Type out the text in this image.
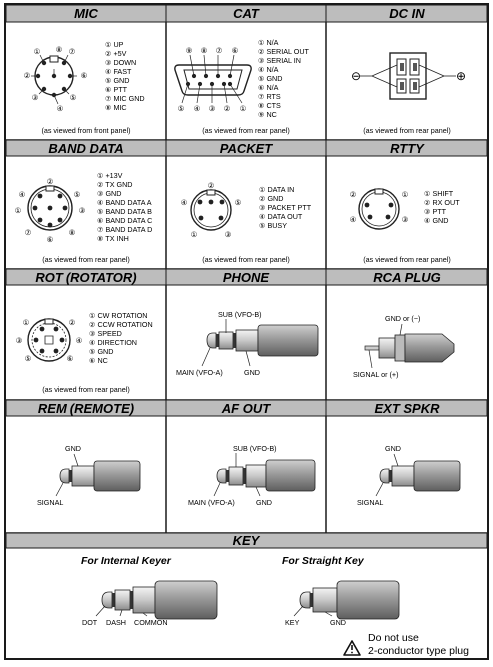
MIC	CAT	DC IN
BAND DATA	PACKET	RTTY
ROT (ROTATOR)	PHONE	RCA PLUG
REM (REMOTE)	AF OUT	EXT SPKR
KEY
① ⑧ ⑦
②	⑥
③	⑤
④
① UP
② +5V
③ DOWN
④ FAST
⑤ GND
⑥ PTT
⑦ MIC GND
⑧ MIC
(as viewed from front panel)
⑨ ⑧ ⑦ ⑥
⑤ ④ ③ ② ①
① N/A
② SERIAL OUT
③ SERIAL IN
④ N/A
⑤ GND
⑥ N/A
⑦ RTS
⑧ CTS
⑨ NC
(as viewed from rear panel)
⊖	⊕
(as viewed from rear panel)
②
④	⑤
①	③
⑦	⑧
⑥
① +13V
② TX GND
③ GND
④ BAND DATA A
⑤ BAND DATA B
⑥ BAND DATA C
⑦ BAND DATA D
⑧ TX INH
(as viewed from rear panel)
②
④	⑤
①	③
① DATA IN
② GND
③ PACKET PTT
④ DATA OUT
⑤ BUSY
(as viewed from rear panel)
②	①
④	③
① SHIFT
② RX OUT
③ PTT
④ GND
(as viewed from rear panel)
①	②
③	④
⑤	⑥
① CW ROTATION
② CCW ROTATION
③ SPEED
④ DIRECTION
⑤ GND
⑥ NC
(as viewed from rear panel)
SUB (VFO-B)
MAIN (VFO-A)	GND
GND or (−)
SIGNAL or (+)
GND
SIGNAL
SUB (VFO-B)
MAIN (VFO-A)	GND
GND
SIGNAL
For Internal Keyer	For Straight Key
DOT DASH COMMON	KEY	GND
Do not use
2-conductor type plug
